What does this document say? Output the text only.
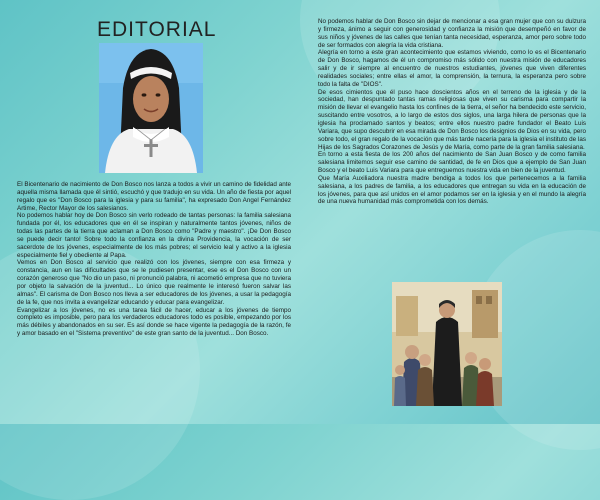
EDITORIAL

El Bicentenario de nacimiento de Don Bosco nos lanza a todos a vivir un camino de fidelidad ante aquella misma llamada que él sintió, escuchó y que tradujo en su vida. Un año de fiesta por aquel regalo que es "Don Bosco para la iglesia y para su familia", ha expresado Don Angel Fernández Artime, Rector Mayor de los salesianos.

No podemos hablar hoy de Don Bosco sin verlo rodeado de tantas personas: la familia salesiana fundada por él, los educadores que en él se inspiran y naturalmente tantos jóvenes, niños de todas las partes de la tierra que aclaman a Don Bosco como "Padre y maestro". ¡De Don Bosco se puede decir tanto! Sobre todo la confianza en la divina Providencia, la vocación de ser sacerdote de los jóvenes, especialmente de los más pobres; el servicio leal y activo a la iglesia especialmente fiel y obediente al Papa.

Vemos en Don Bosco al servicio que realizó con los jóvenes, siempre con esa firmeza y constancia, aun en las dificultades que se le pudiesen presentar, ese es el Don Bosco con un corazón generoso que "No dio un paso, ni pronunció palabra, ni acometió empresa que no tuviera por objeto la salvación de la juventud... Lo único que realmente le interesó fueron salvar las almas". El carisma de Don Bosco nos lleva a ser educadores de los jóvenes, a usar la pedagogía de la fe, que nos invita a evangelizar educando y educar para evangelizar.

Evangelizar a los jóvenes, no es una tarea fácil de hacer, educar a los jóvenes de tiempo completo es imposible, pero para los verdaderos educadores todo es posible, empezando por los más débiles y abandonados en su ser. Es así donde se hace vigente la pedagogía de la razón, fe y amor basado en el "Sistema preventivo" de este gran santo de la juventud... Don Bosco.

No podemos hablar de Don Bosco sin dejar de mencionar a esa gran mujer que con su dulzura y firmeza, ánimo a seguir con generosidad y confianza la misión que desempeñó en favor de sus niños y jóvenes de las calles que tenían tanta necesidad, esperanza, amor pero sobre todo de ser formados con alegría la vida cristiana.

Alegría en torno a este gran acontecimiento que estamos viviendo, como lo es el Bicentenario de Don Bosco, hagamos de él un compromiso más sólido con nuestra misión de educadores salir y de ir siempre al encuentro de nuestros estudiantes, jóvenes que viven diferentes realidades sociales; entre ellas el amor, la comprensión, la ternura, la esperanza pero sobre todo la falta de "DIOS".

De esos cimientos que él puso hace doscientos años en el terreno de la iglesia y de la sociedad, han despuntado tantas ramas religiosas que viven su carisma para compartir la misión de llevar el evangelio hasta los confines de la tierra, el señor ha bendecido este servicio, suscitando entre vosotros, a lo largo de estos dos siglos, una larga hilera de personas que la iglesia ha proclamado santos y beatos; entre ellos nuestro padre fundador el Beato Luis Variara, que supo descubrir en esa mirada de Don Bosco los designios de Dios en su vida, pero sobre todo, el gran regalo de la vocación que más tarde nacería para la iglesia el instituto de las Hijas de los Sagrados Corazones de Jesús y de María, como parte de la gran familia salesiana.

En torno a esta fiesta de los 200 años del nacimiento de San Juan Bosco y de como familia salesiana limitemos seguir ese camino de santidad, de fe en Dios que a ejemplo de San Juan Bosco y el beato Luis Variara para que entreguemos nuestra vida en bien de la juventud.

Que María Auxiliadora nuestra madre bendiga a todos los que pertenecemos a la familia salesiana, a los padres de familia, a los educadores que entregan su vida en la educación de los jóvenes, para que así unidos en el amor podamos ser en la iglesia y en el mundo la alegría de una nueva humanidad más comprometida con los demás.
